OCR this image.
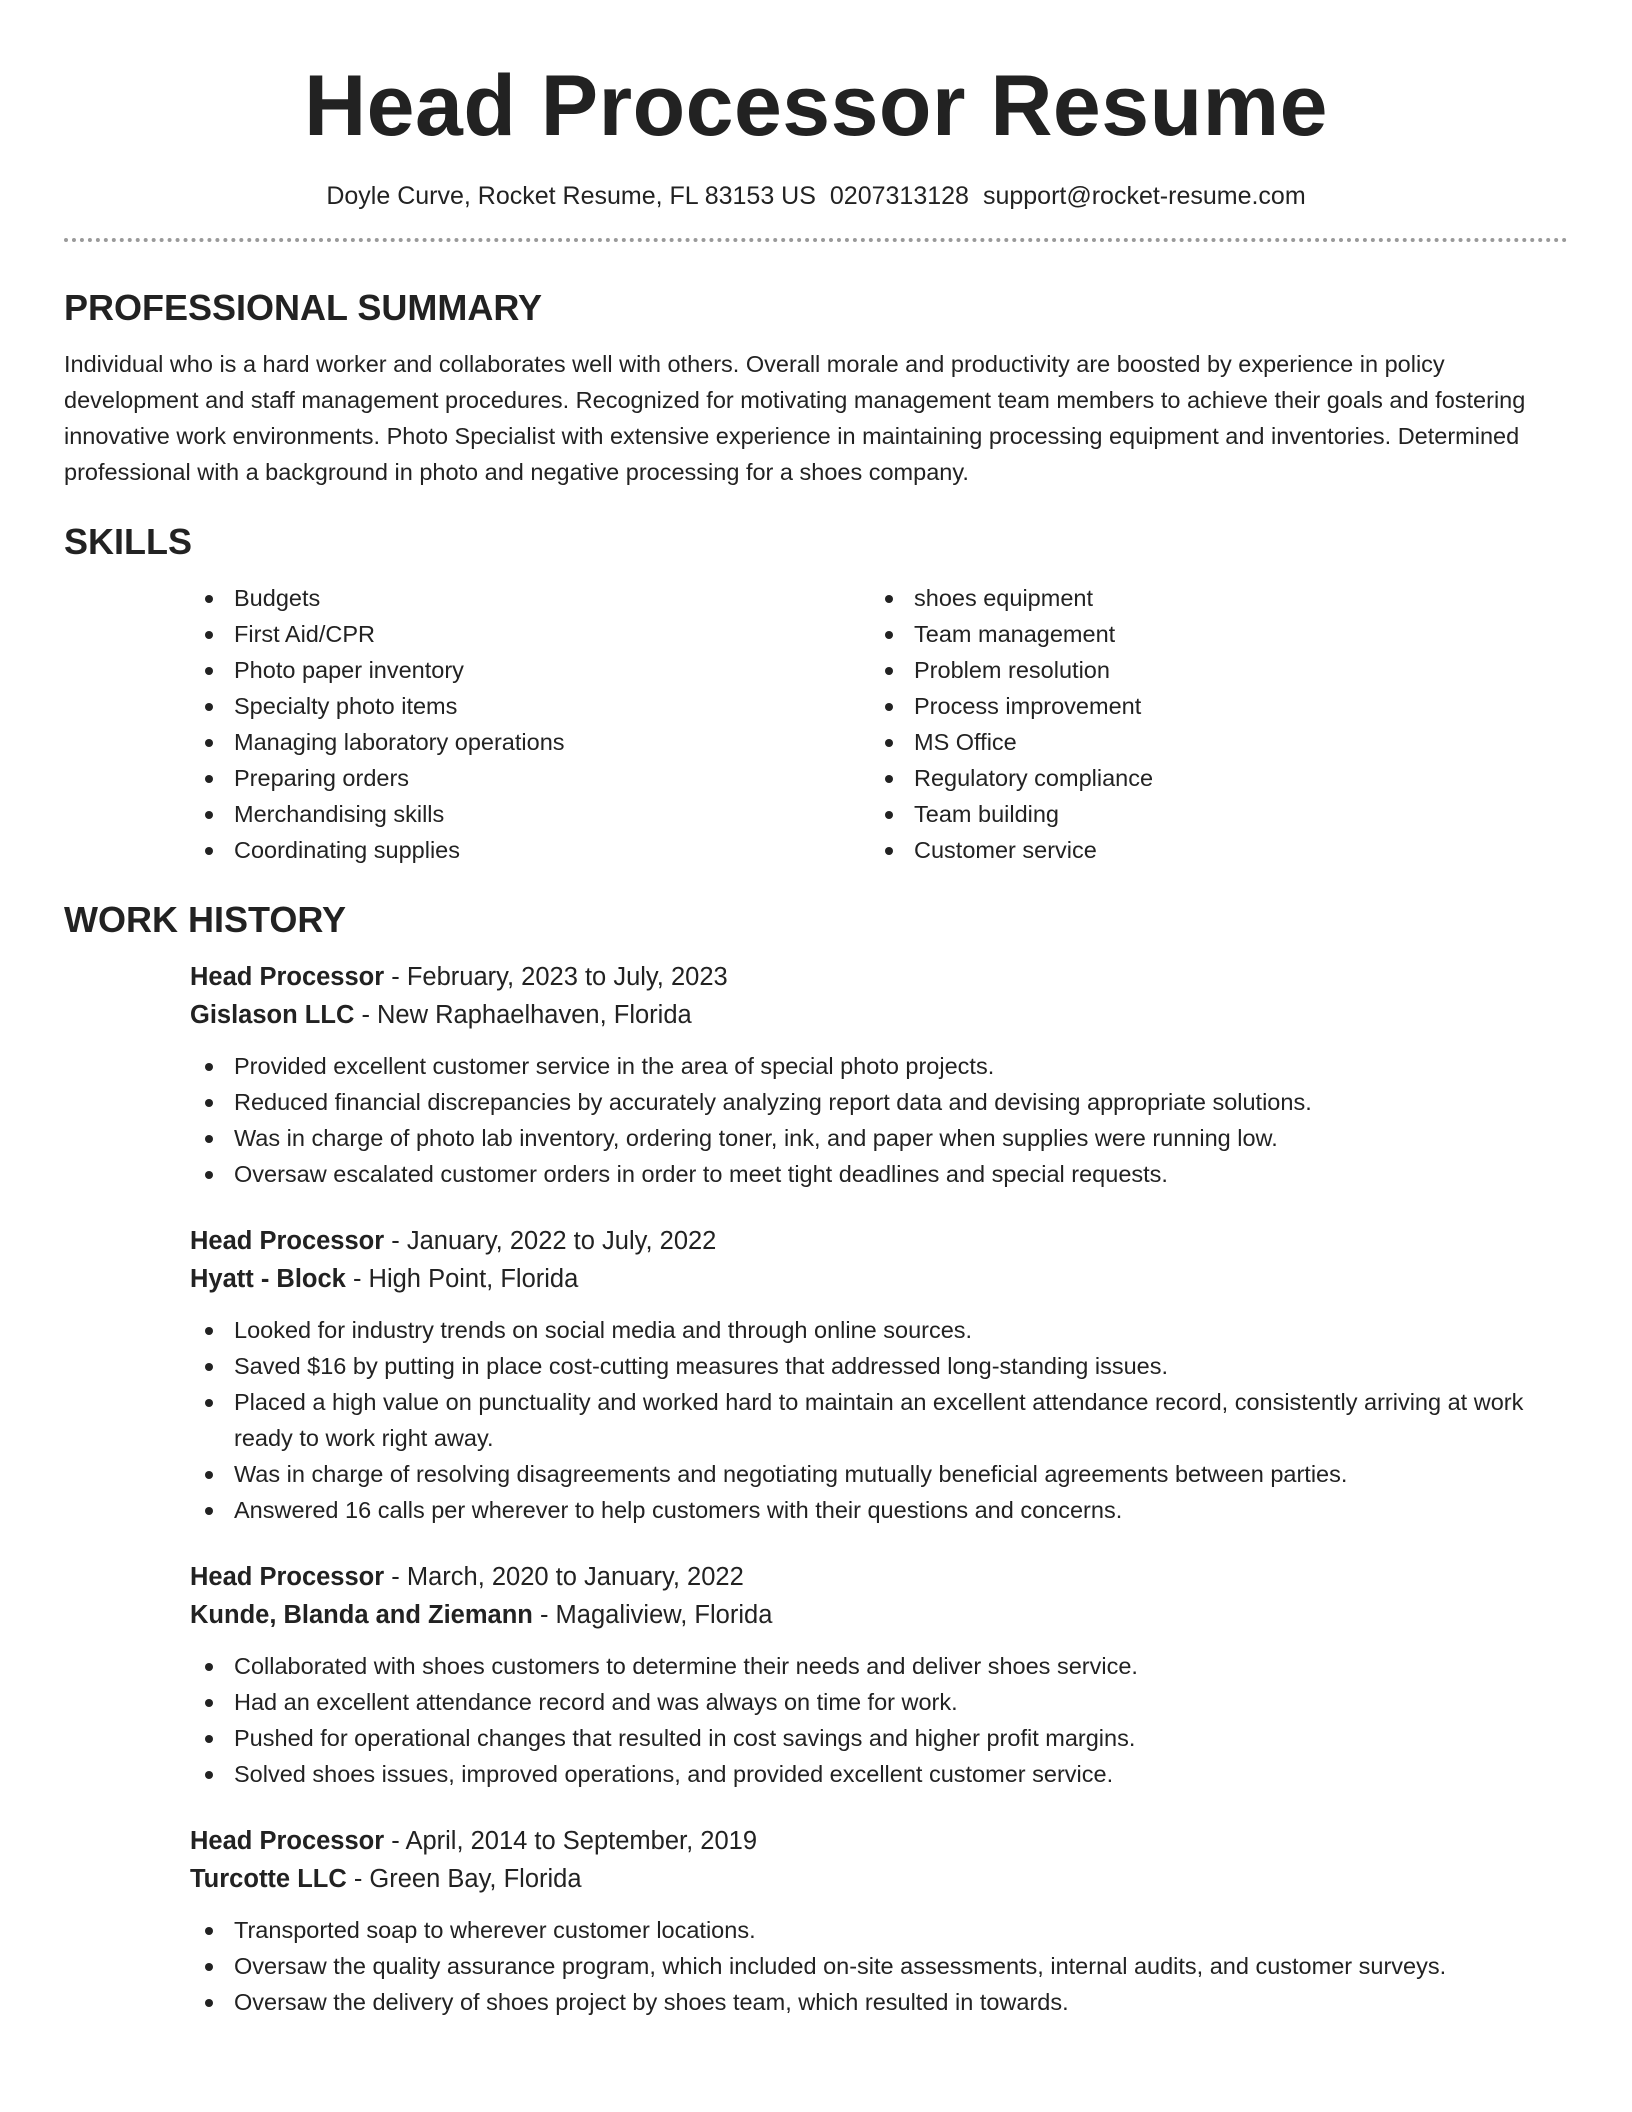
Head Processor Resume
Doyle Curve, Rocket Resume, FL 83153 US 0207313128 support@rocket-resume.com
PROFESSIONAL SUMMARY

Individual who is a hard worker and collaborates well with others. Overall morale and productivity are boosted by experience in policy development and staff management procedures. Recognized for motivating management team members to achieve their goals and fostering innovative work environments. Photo Specialist with extensive experience in maintaining processing equipment and inventories. Determined professional with a background in photo and negative processing for a shoes company.

SKILLS
Budgets
First Aid/CPR
Photo paper inventory
Specialty photo items
Managing laboratory operations
Preparing orders
Merchandising skills
Coordinating supplies
shoes equipment
Team management
Problem resolution
Process improvement
MS Office
Regulatory compliance
Team building
Customer service
WORK HISTORY
Head Processor - February, 2023 to July, 2023
Gislason LLC - New Raphaelhaven, Florida
Provided excellent customer service in the area of special photo projects.
Reduced financial discrepancies by accurately analyzing report data and devising appropriate solutions.
Was in charge of photo lab inventory, ordering toner, ink, and paper when supplies were running low.
Oversaw escalated customer orders in order to meet tight deadlines and special requests.
Head Processor - January, 2022 to July, 2022
Hyatt - Block - High Point, Florida
Looked for industry trends on social media and through online sources.
Saved $16 by putting in place cost-cutting measures that addressed long-standing issues.
Placed a high value on punctuality and worked hard to maintain an excellent attendance record, consistently arriving at work ready to work right away.
Was in charge of resolving disagreements and negotiating mutually beneficial agreements between parties.
Answered 16 calls per wherever to help customers with their questions and concerns.
Head Processor - March, 2020 to January, 2022
Kunde, Blanda and Ziemann - Magaliview, Florida
Collaborated with shoes customers to determine their needs and deliver shoes service.
Had an excellent attendance record and was always on time for work.
Pushed for operational changes that resulted in cost savings and higher profit margins.
Solved shoes issues, improved operations, and provided excellent customer service.
Head Processor - April, 2014 to September, 2019
Turcotte LLC - Green Bay, Florida
Transported soap to wherever customer locations.
Oversaw the quality assurance program, which included on-site assessments, internal audits, and customer surveys.
Oversaw the delivery of shoes project by shoes team, which resulted in towards.
